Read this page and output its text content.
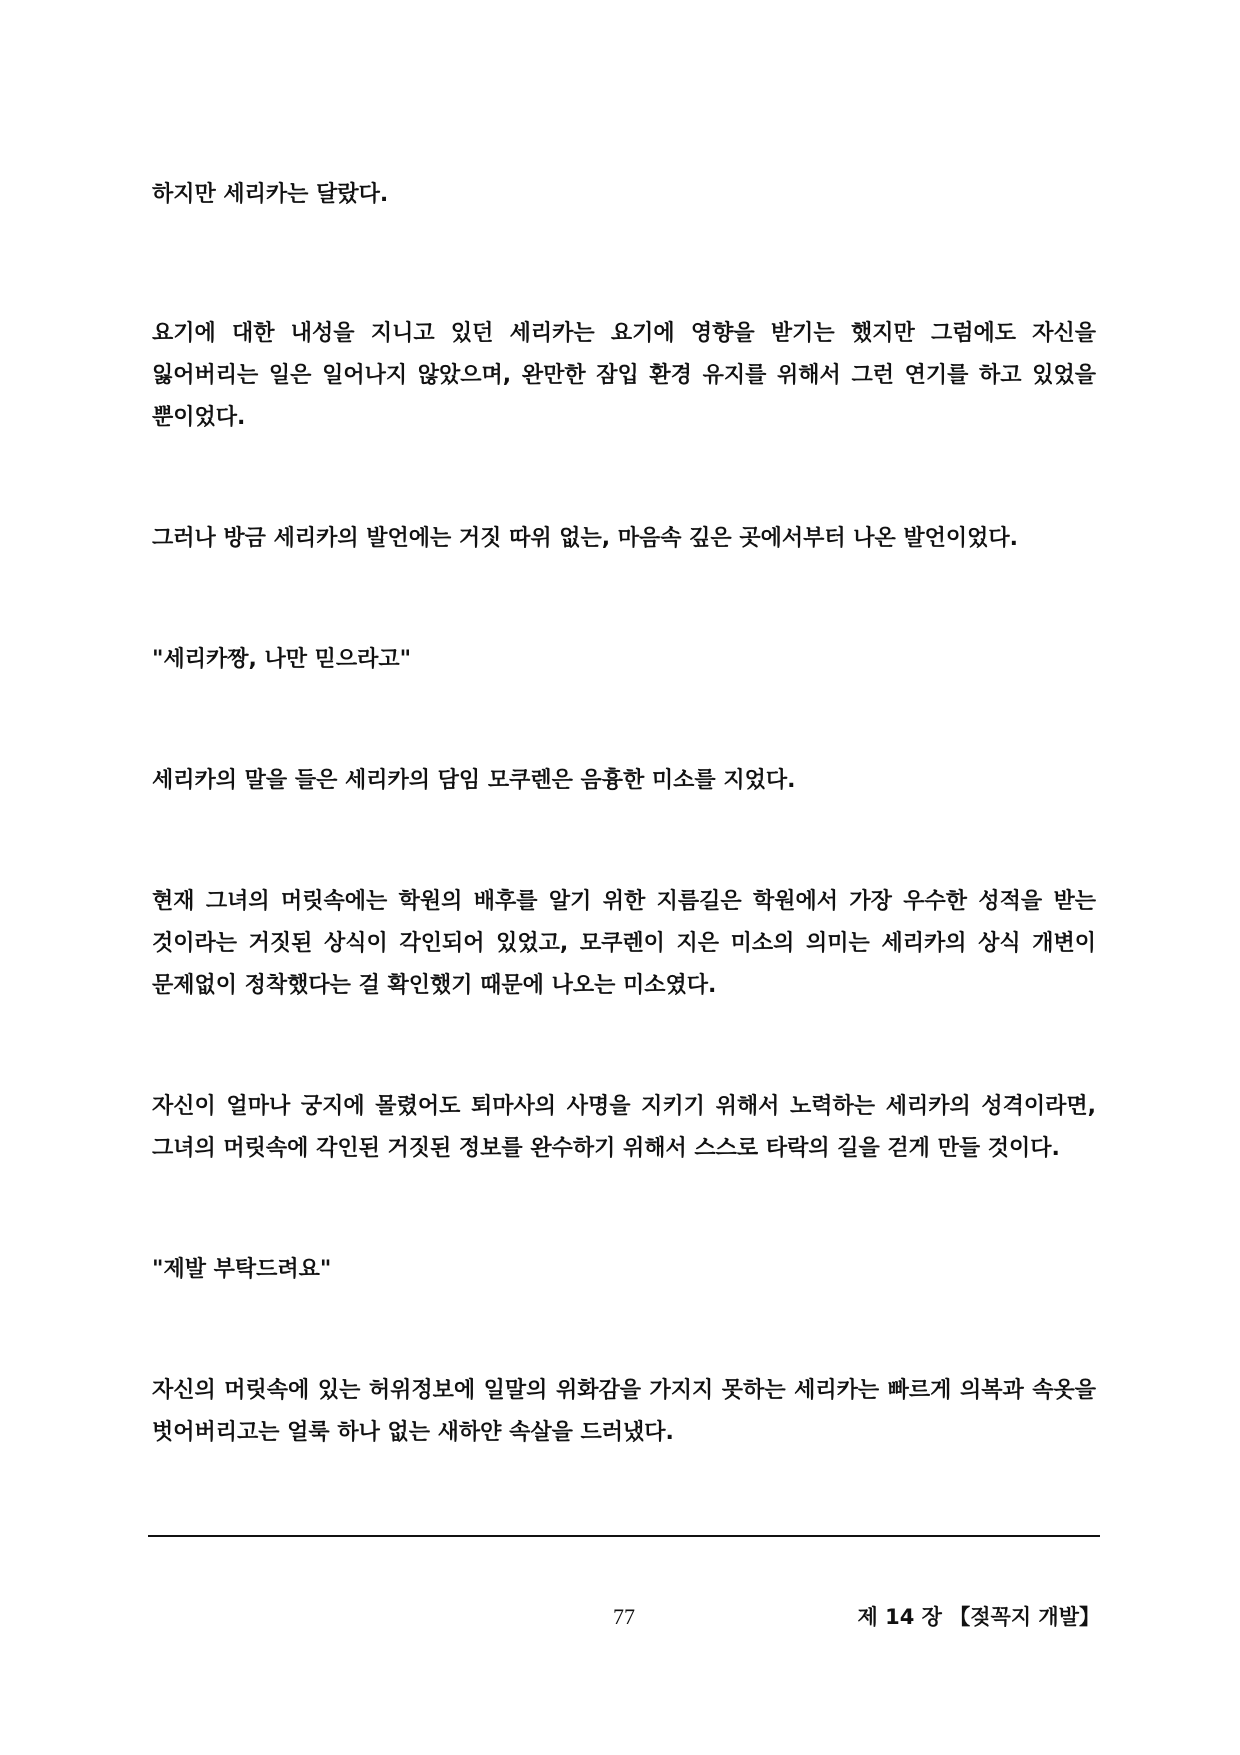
하지만 세리카는 달랐다.

요기에 대한 내성을 지니고 있던 세리카는 요기에 영향을 받기는 했지만 그럼에도 자신을 잃어버리는 일은 일어나지 않았으며, 완만한 잠입 환경 유지를 위해서 그런 연기를 하고 있었을 뿐이었다.

그러나 방금 세리카의 발언에는 거짓 따위 없는, 마음속 깊은 곳에서부터 나온 발언이었다.

"세리카짱, 나만 믿으라고"

세리카의 말을 들은 세리카의 담임 모쿠렌은 음흉한 미소를 지었다.

현재 그녀의 머릿속에는 학원의 배후를 알기 위한 지름길은 학원에서 가장 우수한 성적을 받는 것이라는 거짓된 상식이 각인되어 있었고, 모쿠렌이 지은 미소의 의미는 세리카의 상식 개변이 문제없이 정착했다는 걸 확인했기 때문에 나오는 미소였다.

자신이 얼마나 궁지에 몰렸어도 퇴마사의 사명을 지키기 위해서 노력하는 세리카의 성격이라면, 그녀의 머릿속에 각인된 거짓된 정보를 완수하기 위해서 스스로 타락의 길을 걷게 만들 것이다.

"제발 부탁드려요"

자신의 머릿속에 있는 허위정보에 일말의 위화감을 가지지 못하는 세리카는 빠르게 의복과 속옷을 벗어버리고는 얼룩 하나 없는 새하얀 속살을 드러냈다.

77	제 14 장 【젖꼭지 개발】
